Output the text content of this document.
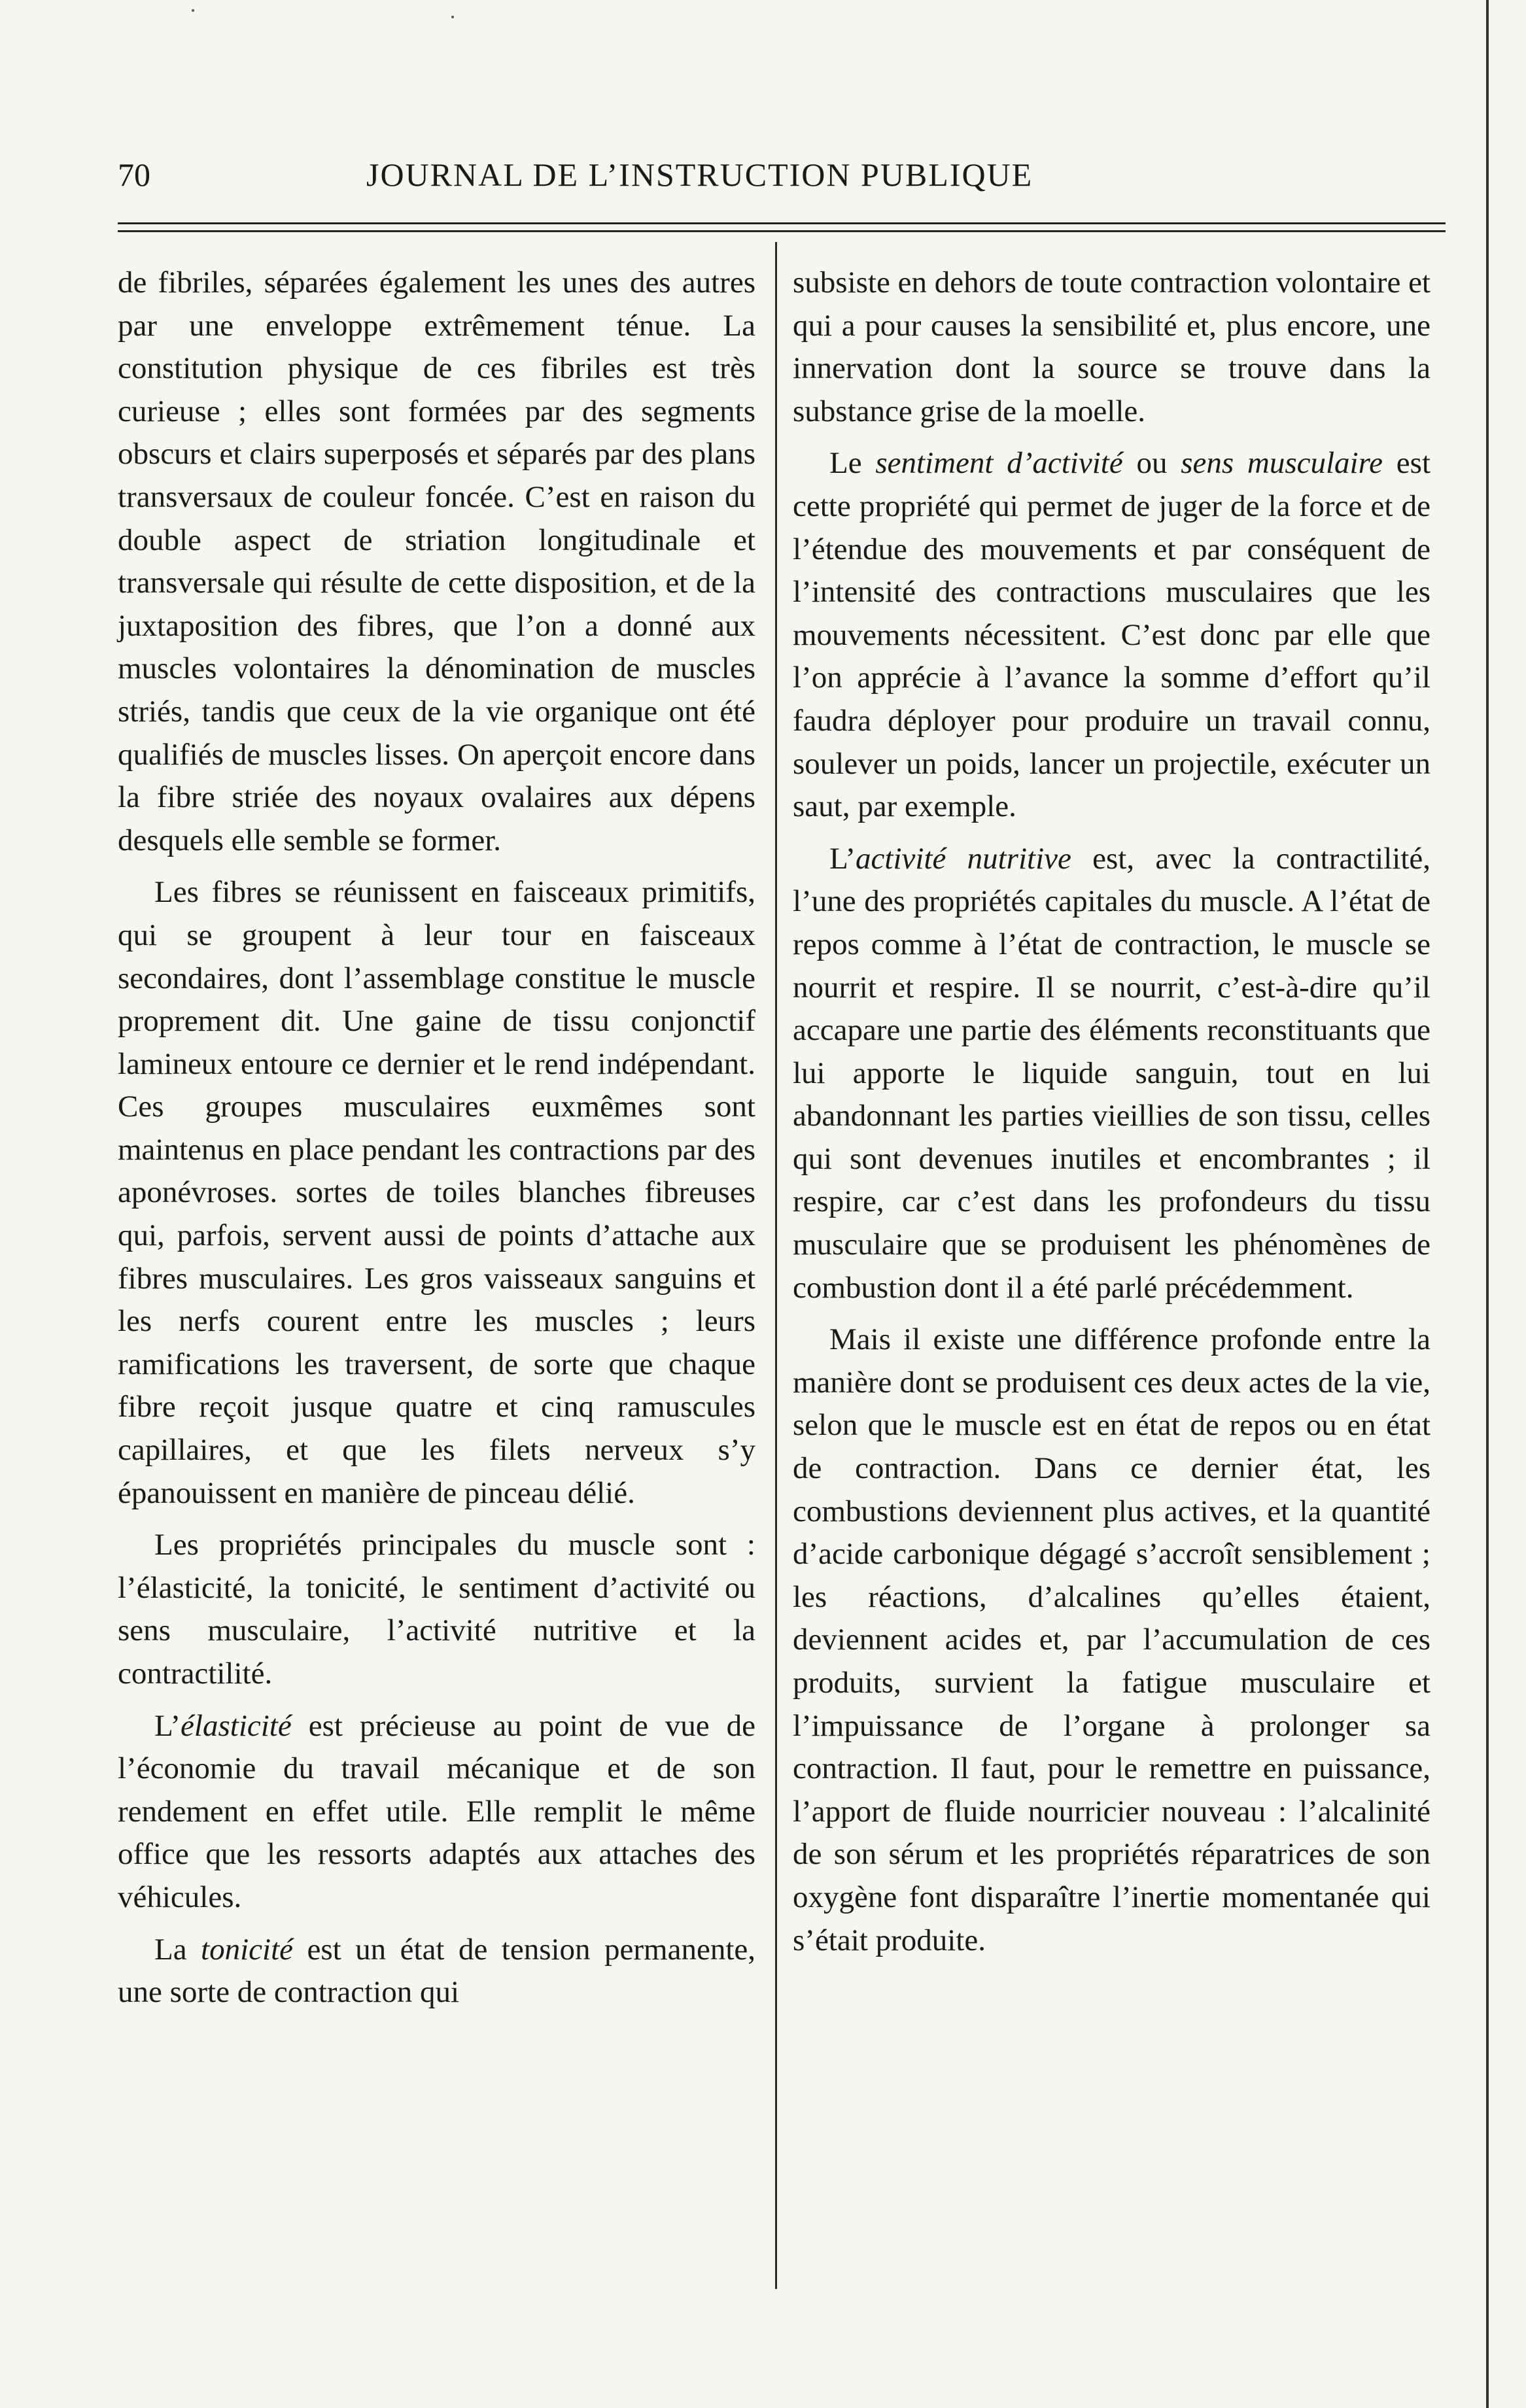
70	JOURNAL DE L’INSTRUCTION PUBLIQUE

de fibriles, séparées également les unes des autres par une enveloppe extrêmement ténue. La constitution physique de ces fibriles est très curieuse ; elles sont formées par des segments obscurs et clairs superposés et séparés par des plans transversaux de couleur foncée. C’est en raison du double aspect de striation longitudinale et transversale qui résulte de cette disposition, et de la juxtaposition des fibres, que l’on a donné aux muscles volontaires la dénomination de muscles striés, tandis que ceux de la vie organique ont été qualifiés de muscles lisses. On aperçoit encore dans la fibre striée des noyaux ovalaires aux dépens desquels elle semble se former.

Les fibres se réunissent en faisceaux primitifs, qui se groupent à leur tour en faisceaux secondaires, dont l’assemblage constitue le muscle proprement dit. Une gaine de tissu conjonctif lamineux entoure ce dernier et le rend indépendant. Ces groupes musculaires euxmêmes sont maintenus en place pendant les contractions par des aponévroses. sortes de toiles blanches fibreuses qui, parfois, servent aussi de points d’attache aux fibres musculaires. Les gros vaisseaux sanguins et les nerfs courent entre les muscles ; leurs ramifications les traversent, de sorte que chaque fibre reçoit jusque quatre et cinq ramuscules capillaires, et que les filets nerveux s’y épanouissent en manière de pinceau délié.

Les propriétés principales du muscle sont : l’élasticité, la tonicité, le sentiment d’activité ou sens musculaire, l’activité nutritive et la contractilité.

L’élasticité est précieuse au point de vue de l’économie du travail mécanique et de son rendement en effet utile. Elle remplit le même office que les ressorts adaptés aux attaches des véhicules.

La tonicité est un état de tension permanente, une sorte de contraction qui

subsiste en dehors de toute contraction volontaire et qui a pour causes la sensibilité et, plus encore, une innervation dont la source se trouve dans la substance grise de la moelle.

Le sentiment d’activité ou sens musculaire est cette propriété qui permet de juger de la force et de l’étendue des mouvements et par conséquent de l’intensité des contractions musculaires que les mouvements nécessitent. C’est donc par elle que l’on apprécie à l’avance la somme d’effort qu’il faudra déployer pour produire un travail connu, soulever un poids, lancer un projectile, exécuter un saut, par exemple.

L’activité nutritive est, avec la contractilité, l’une des propriétés capitales du muscle. A l’état de repos comme à l’état de contraction, le muscle se nourrit et respire. Il se nourrit, c’est-à-dire qu’il accapare une partie des éléments reconstituants que lui apporte le liquide sanguin, tout en lui abandonnant les parties vieillies de son tissu, celles qui sont devenues inutiles et encombrantes ; il respire, car c’est dans les profondeurs du tissu musculaire que se produisent les phénomènes de combustion dont il a été parlé précédemment.

Mais il existe une différence profonde entre la manière dont se produisent ces deux actes de la vie, selon que le muscle est en état de repos ou en état de contraction. Dans ce dernier état, les combustions deviennent plus actives, et la quantité d’acide carbonique dégagé s’accroît sensiblement ; les réactions, d’alcalines qu’elles étaient, deviennent acides et, par l’accumulation de ces produits, survient la fatigue musculaire et l’impuissance de l’organe à prolonger sa contraction. Il faut, pour le remettre en puissance, l’apport de fluide nourricier nouveau : l’alcalinité de son sérum et les propriétés réparatrices de son oxygène font disparaître l’inertie momentanée qui s’était produite.
